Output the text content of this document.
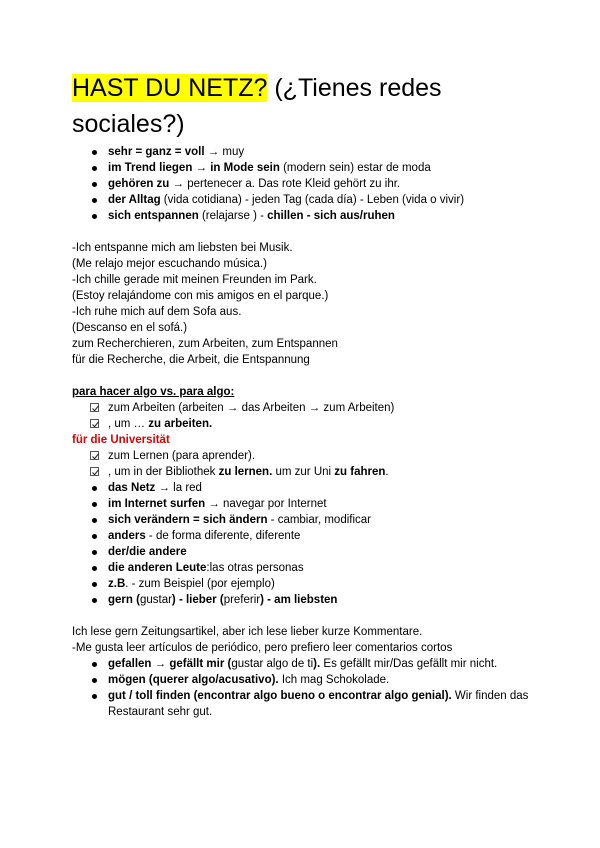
HAST DU NETZ? (¿Tienes redes sociales?)
sehr = ganz = voll → muy
im Trend liegen → in Mode sein (modern sein) estar de moda
gehören zu → pertenecer a. Das rote Kleid gehört zu ihr.
der Alltag (vida cotidiana) - jeden Tag (cada día) - Leben (vida o vivir)
sich entspannen (relajarse ) - chillen - sich aus/ruhen
-Ich entspanne mich am liebsten bei Musik.
(Me relajo mejor escuchando música.)
-Ich chille gerade mit meinen Freunden im Park.
(Estoy relajándome con mis amigos en el parque.)
-Ich ruhe mich auf dem Sofa aus.
(Descanso en el sofá.)
zum Recherchieren, zum Arbeiten, zum Entspannen
für die Recherche, die Arbeit, die Entspannung
para hacer algo vs. para algo:
zum Arbeiten (arbeiten → das Arbeiten → zum Arbeiten)
, um … zu arbeiten.
für die Universität
zum Lernen (para aprender).
, um in der Bibliothek zu lernen. um zur Uni zu fahren.
das Netz → la red
im Internet surfen → navegar por Internet
sich verändern = sich ändern - cambiar, modificar
anders - de forma diferente, diferente
der/die andere
die anderen Leute:las otras personas
z.B. - zum Beispiel (por ejemplo)
gern (gustar) - lieber (preferir) - am liebsten
Ich lese gern Zeitungsartikel, aber ich lese lieber kurze Kommentare.
-Me gusta leer artículos de periódico, pero prefiero leer comentarios cortos
gefallen → gefällt mir (gustar algo de ti). Es gefällt mir/Das gefällt mir nicht.
mögen (querer algo/acusativo). Ich mag Schokolade.
gut / toll finden (encontrar algo bueno o encontrar algo genial). Wir finden das Restaurant sehr gut.
